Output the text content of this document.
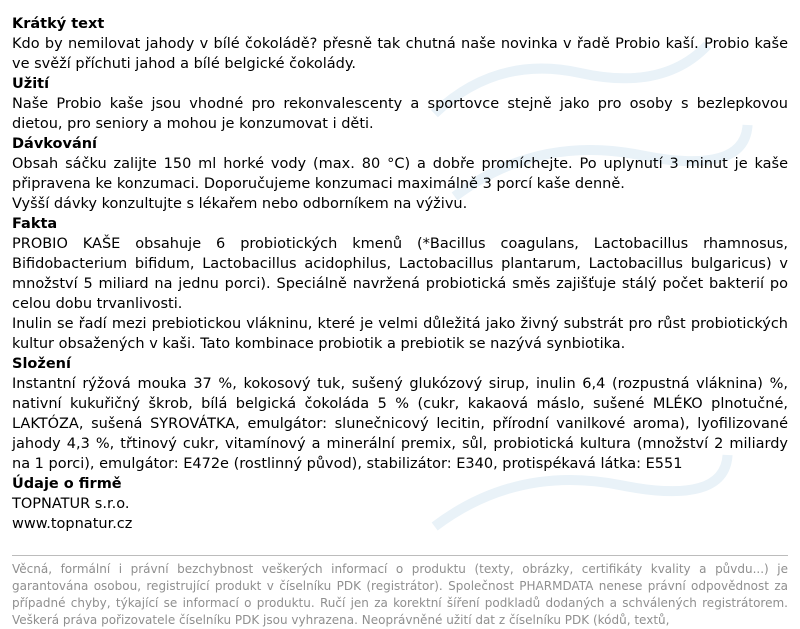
Krátký text

Kdo by nemilovat jahody v bílé čokoládě? přesně tak chutná naše novinka v řadě Probio kaší. Probio kaše ve svěží příchuti jahod a bílé belgické čokolády.

Užití

Naše Probio kaše jsou vhodné pro rekonvalescenty a sportovce stejně jako pro osoby s bezlepkovou dietou, pro seniory a mohou je konzumovat i děti.

Dávkování

Obsah sáčku zalijte 150 ml horké vody (max. 80 °C) a dobře promíchejte. Po uplynutí 3 minut je kaše připravena ke konzumaci. Doporučujeme konzumaci maximálně 3 porcí kaše denně.

Vyšší dávky konzultujte s lékařem nebo odborníkem na výživu.

Fakta

PROBIO KAŠE obsahuje 6 probiotických kmenů (*Bacillus coagulans, Lactobacillus rhamnosus, Bifidobacterium bifidum, Lactobacillus acidophilus, Lactobacillus plantarum, Lactobacillus bulgaricus) v množství 5 miliard na jednu porci). Speciálně navržená probiotická směs zajišťuje stálý počet bakterií po celou dobu trvanlivosti.

Inulin se řadí mezi prebiotickou vlákninu, které je velmi důležitá jako živný substrát pro růst probiotických kultur obsažených v kaši. Tato kombinace probiotik a prebiotik se nazývá synbiotika.

Složení

Instantní rýžová mouka 37 %, kokosový tuk, sušený glukózový sirup, inulin 6,4 (rozpustná vláknina) %, nativní kukuřičný škrob, bílá belgická čokoláda 5 % (cukr, kakaová máslo, sušené MLÉKO plnotučné, LAKTÓZA, sušená SYROVÁTKA, emulgátor: slunečnicový lecitin, přírodní vanilkové aroma), lyofilizované jahody 4,3 %, třtinový cukr, vitamínový a minerální premix, sůl, probiotická kultura (množství 2 miliardy na 1 porci), emulgátor: E472e (rostlinný původ), stabilizátor: E340, protispékavá látka: E551

Údaje o firmě

TOPNATUR s.r.o.

www.topnatur.cz

Věcná, formální i právní bezchybnost veškerých informací o produktu (texty, obrázky, certifikáty kvality a půvdu...) je garantována osobou, registrující produkt v číselníku PDK (registrátor). Společnost PHARMDATA nenese právní odpovědnost za případné chyby, týkající se informací o produktu. Ručí jen za korektní šíření podkladů dodaných a schválených registrátorem. Veškerá práva pořizovatele číselníku PDK jsou vyhrazena. Neoprávněné užití dat z číselníku PDK (kódů, textů,
